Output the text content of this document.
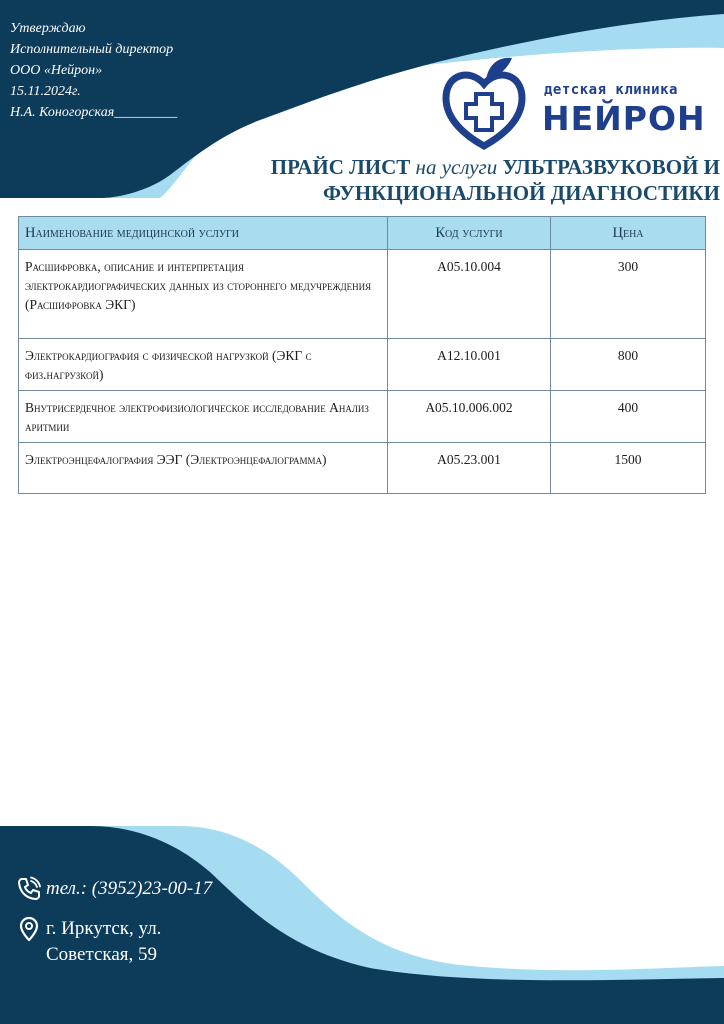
Утверждаю
Исполнительный директор
ООО «Нейрон»
15.11.2024г.
Н.А. Коногорская_________
детская клиника
НЕЙРОН
ПРАЙС ЛИСТ на услуги УЛЬТРАЗВУКОВОЙ И
ФУНКЦИОНАЛЬНОЙ ДИАГНОСТИКИ
Наименование медицинской услуги	Код услуги	Цена
Расшифровка, описание и интерпретация электрокардиографических данных из стороннего медучреждения (Расшифровка ЭКГ)	А05.10.004	300
Электрокардиография с физической нагрузкой (ЭКГ с физ.нагрузкой)	А12.10.001	800
Внутрисердечное электрофизиологическое исследование Анализ аритмии	А05.10.006.002	400
Электроэнцефалография ЭЭГ (Электроэнцефалограмма)	А05.23.001	1500
тел.: (3952)23-00-17
г. Иркутск, ул.
Советская, 59
